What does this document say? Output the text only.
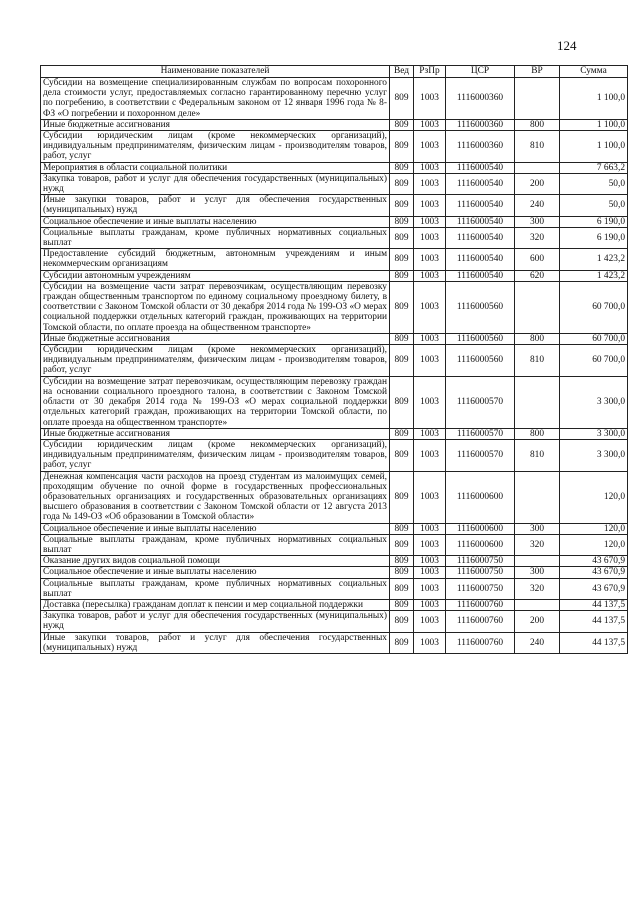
124
Наименование показателей	Вед	РзПр	ЦСР	ВР	Сумма
Субсидии на возмещение специализированным службам по вопросам похоронного дела стоимости услуг, предоставляемых согласно гарантированному перечню услуг по погребению, в соответствии с Федеральным законом от 12 января 1996 года № 8-ФЗ «О погребении и похоронном деле»	809	1003	1116000360		1 100,0
Иные бюджетные ассигнования	809	1003	1116000360	800	1 100,0
Субсидии юридическим лицам (кроме некоммерческих организаций), индивидуальным предпринимателям, физическим лицам - производителям товаров, работ, услуг	809	1003	1116000360	810	1 100,0
Мероприятия в области социальной политики	809	1003	1116000540		7 663,2
Закупка товаров, работ и услуг для обеспечения государственных (муниципальных) нужд	809	1003	1116000540	200	50,0
Иные закупки товаров, работ и услуг для обеспечения государственных (муниципальных) нужд	809	1003	1116000540	240	50,0
Социальное обеспечение и иные выплаты населению	809	1003	1116000540	300	6 190,0
Социальные выплаты гражданам, кроме публичных нормативных социальных выплат	809	1003	1116000540	320	6 190,0
Предоставление субсидий бюджетным, автономным учреждениям и иным некоммерческим организациям	809	1003	1116000540	600	1 423,2
Субсидии автономным учреждениям	809	1003	1116000540	620	1 423,2
Субсидии на возмещение части затрат перевозчикам, осуществляющим перевозку граждан общественным транспортом по единому социальному проездному билету, в соответствии с Законом Томской области от 30 декабря 2014 года № 199-ОЗ «О мерах социальной поддержки отдельных категорий граждан, проживающих на территории Томской области, по оплате проезда на общественном транспорте»	809	1003	1116000560		60 700,0
Иные бюджетные ассигнования	809	1003	1116000560	800	60 700,0
Субсидии юридическим лицам (кроме некоммерческих организаций), индивидуальным предпринимателям, физическим лицам - производителям товаров, работ, услуг	809	1003	1116000560	810	60 700,0
Субсидии на возмещение затрат перевозчикам, осуществляющим перевозку граждан на основании социального проездного талона, в соответствии с Законом Томской области от 30 декабря 2014 года № 199-ОЗ «О мерах социальной поддержки отдельных категорий граждан, проживающих на территории Томской области, по оплате проезда на общественном транспорте»	809	1003	1116000570		3 300,0
Иные бюджетные ассигнования	809	1003	1116000570	800	3 300,0
Субсидии юридическим лицам (кроме некоммерческих организаций), индивидуальным предпринимателям, физическим лицам - производителям товаров, работ, услуг	809	1003	1116000570	810	3 300,0
Денежная компенсация части расходов на проезд студентам из малоимущих семей, проходящим обучение по очной форме в государственных профессиональных образовательных организациях и государственных образовательных организациях высшего образования в соответствии с Законом Томской области от 12 августа 2013 года № 149-ОЗ «Об образовании в Томской области»	809	1003	1116000600		120,0
Социальное обеспечение и иные выплаты населению	809	1003	1116000600	300	120,0
Социальные выплаты гражданам, кроме публичных нормативных социальных выплат	809	1003	1116000600	320	120,0
Оказание других видов социальной помощи	809	1003	1116000750		43 670,9
Социальное обеспечение и иные выплаты населению	809	1003	1116000750	300	43 670,9
Социальные выплаты гражданам, кроме публичных нормативных социальных выплат	809	1003	1116000750	320	43 670,9
Доставка (пересылка) гражданам доплат к пенсии и мер социальной поддержки	809	1003	1116000760		44 137,5
Закупка товаров, работ и услуг для обеспечения государственных (муниципальных) нужд	809	1003	1116000760	200	44 137,5
Иные закупки товаров, работ и услуг для обеспечения государственных (муниципальных) нужд	809	1003	1116000760	240	44 137,5
